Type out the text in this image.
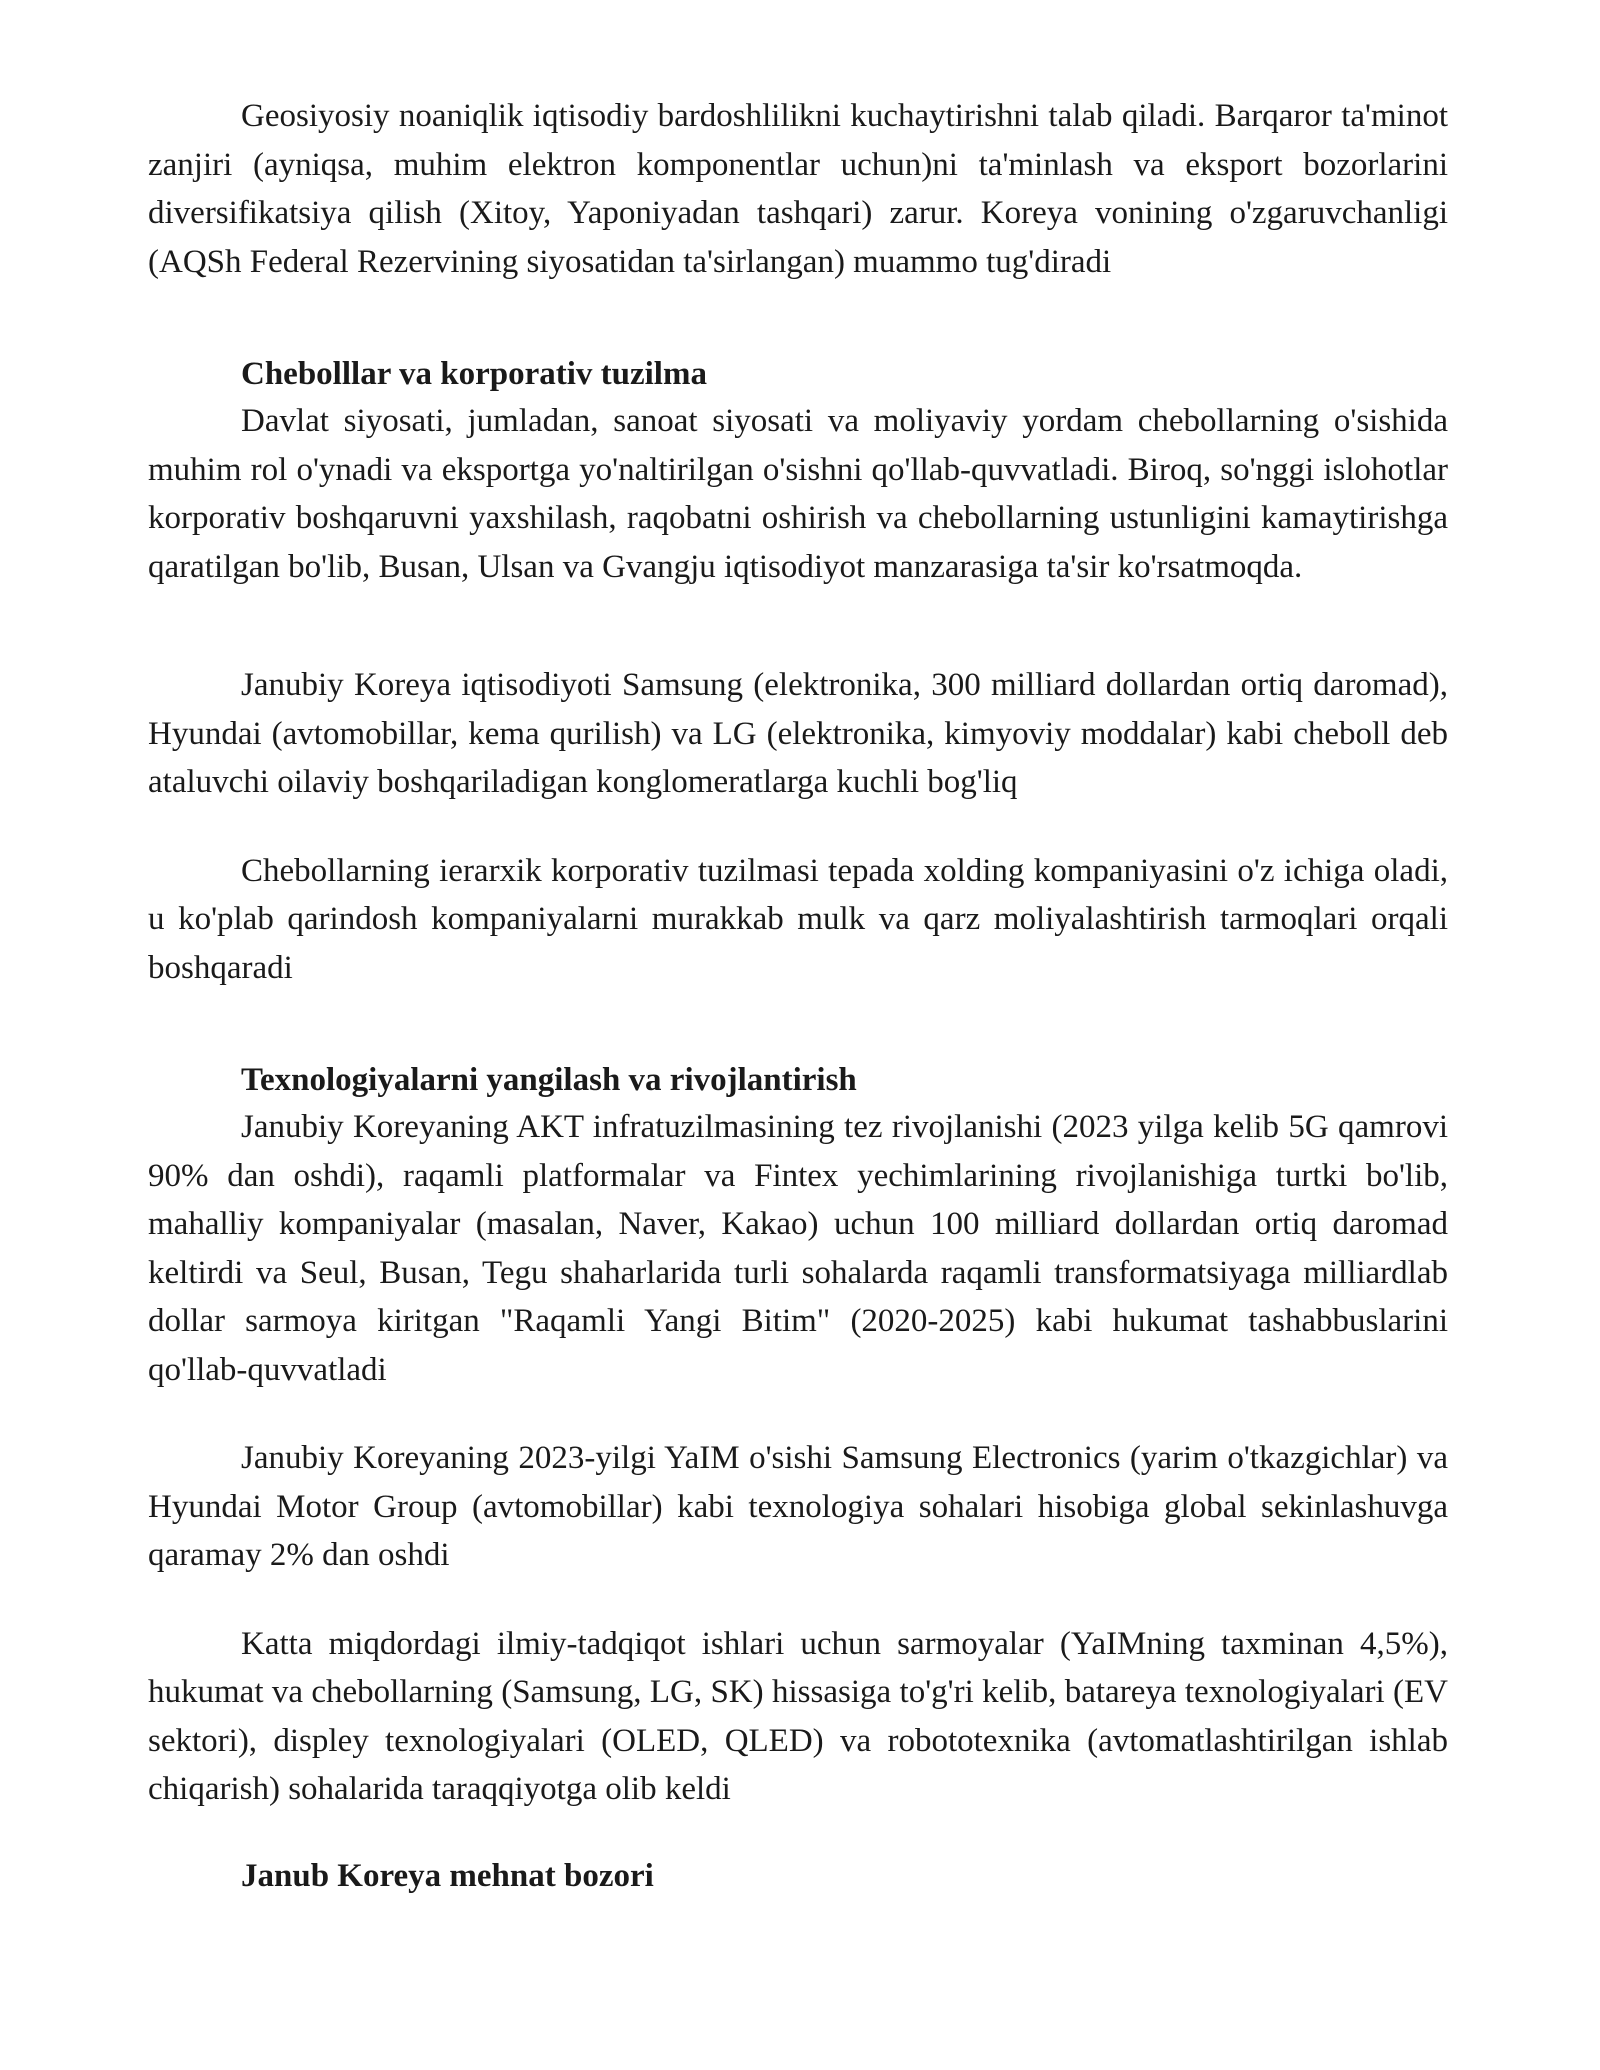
Geosiyosiy noaniqlik iqtisodiy bardoshlilikni kuchaytirishni talab qiladi. Barqaror ta'minot zanjiri (ayniqsa, muhim elektron komponentlar uchun)ni ta'minlash va eksport bozorlarini diversifikatsiya qilish (Xitoy, Yaponiyadan tashqari) zarur. Koreya vonining o'zgaruvchanligi (AQSh Federal Rezervining siyosatidan ta'sirlangan) muammo tug'diradi

Chebolllar va korporativ tuzilma

Davlat siyosati, jumladan, sanoat siyosati va moliyaviy yordam chebollarning o'sishida muhim rol o'ynadi va eksportga yo'naltirilgan o'sishni qo'llab-quvvatladi. Biroq, so'nggi islohotlar korporativ boshqaruvni yaxshilash, raqobatni oshirish va chebollarning ustunligini kamaytirishga qaratilgan bo'lib, Busan, Ulsan va Gvangju iqtisodiyot manzarasiga ta'sir ko'rsatmoqda.

Janubiy Koreya iqtisodiyoti Samsung (elektronika, 300 milliard dollardan ortiq daromad), Hyundai (avtomobillar, kema qurilish) va LG (elektronika, kimyoviy moddalar) kabi cheboll deb ataluvchi oilaviy boshqariladigan konglomeratlarga kuchli bog'liq

Chebollarning ierarxik korporativ tuzilmasi tepada xolding kompaniyasini o'z ichiga oladi, u ko'plab qarindosh kompaniyalarni murakkab mulk va qarz moliyalashtirish tarmoqlari orqali boshqaradi

Texnologiyalarni yangilash va rivojlantirish

Janubiy Koreyaning AKT infratuzilmasining tez rivojlanishi (2023 yilga kelib 5G qamrovi 90% dan oshdi), raqamli platformalar va Fintex yechimlarining rivojlanishiga turtki bo'lib, mahalliy kompaniyalar (masalan, Naver, Kakao) uchun 100 milliard dollardan ortiq daromad keltirdi va Seul, Busan, Tegu shaharlarida turli sohalarda raqamli transformatsiyaga milliardlab dollar sarmoya kiritgan "Raqamli Yangi Bitim" (2020-2025) kabi hukumat tashabbuslarini qo'llab-quvvatladi

Janubiy Koreyaning 2023-yilgi YaIM o'sishi Samsung Electronics (yarim o'tkazgichlar) va Hyundai Motor Group (avtomobillar) kabi texnologiya sohalari hisobiga global sekinlashuvga qaramay 2% dan oshdi

Katta miqdordagi ilmiy-tadqiqot ishlari uchun sarmoyalar (YaIMning taxminan 4,5%), hukumat va chebollarning (Samsung, LG, SK) hissasiga to'g'ri kelib, batareya texnologiyalari (EV sektori), displey texnologiyalari (OLED, QLED) va robototexnika (avtomatlashtirilgan ishlab chiqarish) sohalarida taraqqiyotga olib keldi

Janub Koreya mehnat bozori
